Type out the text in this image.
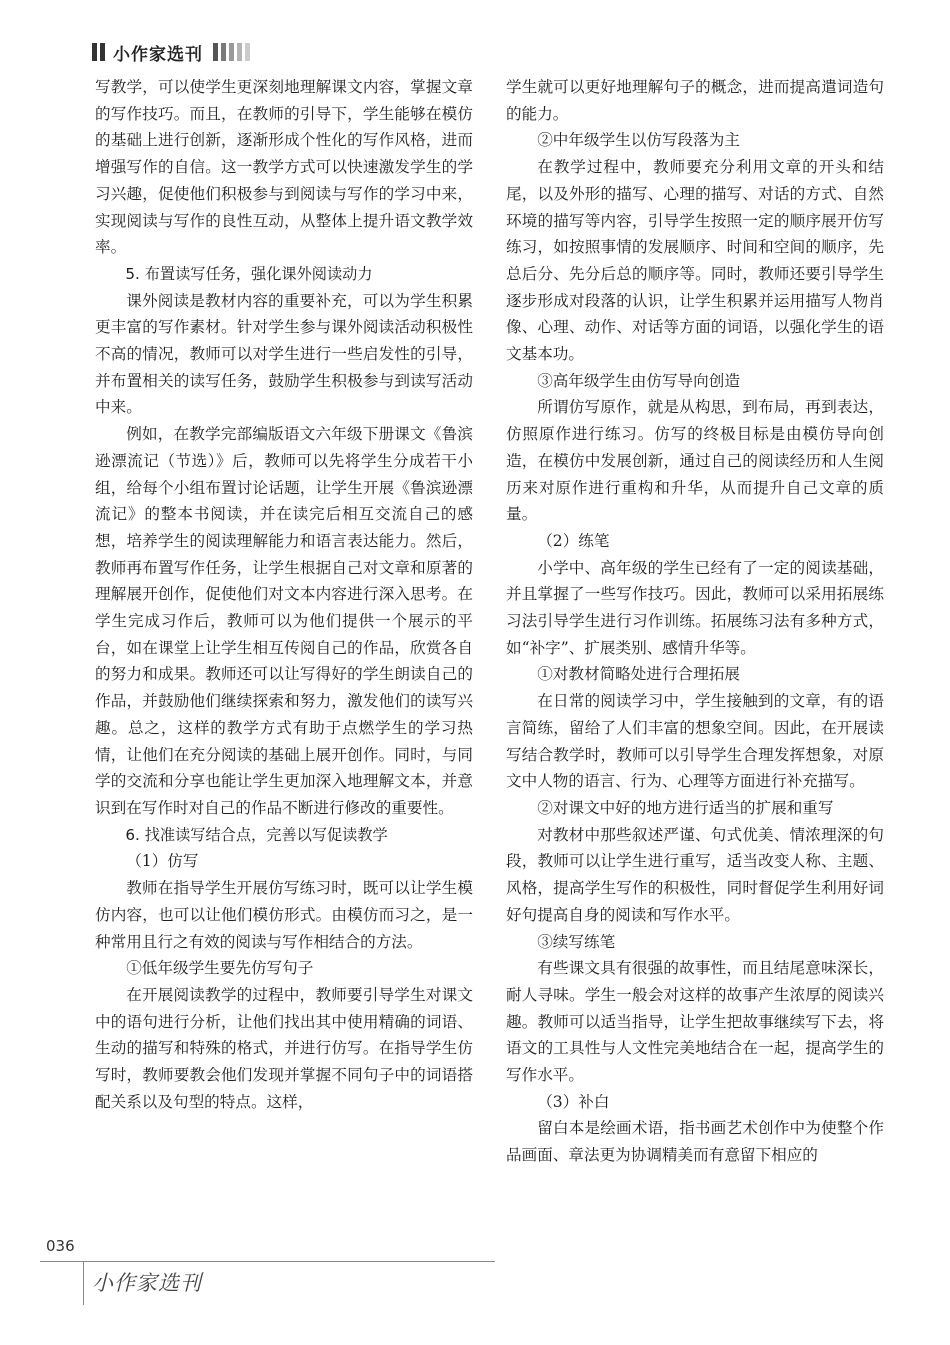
小作家选刊

写教学，可以使学生更深刻地理解课文内容，掌握文章的写作技巧。而且，在教师的引导下，学生能够在模仿的基础上进行创新，逐渐形成个性化的写作风格，进而增强写作的自信。这一教学方式可以快速激发学生的学习兴趣，促使他们积极参与到阅读与写作的学习中来，实现阅读与写作的良性互动，从整体上提升语文教学效率。

5. 布置读写任务，强化课外阅读动力

课外阅读是教材内容的重要补充，可以为学生积累更丰富的写作素材。针对学生参与课外阅读活动积极性不高的情况，教师可以对学生进行一些启发性的引导，并布置相关的读写任务，鼓励学生积极参与到读写活动中来。

例如，在教学完部编版语文六年级下册课文《鲁滨逊漂流记（节选）》后，教师可以先将学生分成若干小组，给每个小组布置讨论话题，让学生开展《鲁滨逊漂流记》的整本书阅读，并在读完后相互交流自己的感想，培养学生的阅读理解能力和语言表达能力。然后，教师再布置写作任务，让学生根据自己对文章和原著的理解展开创作，促使他们对文本内容进行深入思考。在学生完成习作后，教师可以为他们提供一个展示的平台，如在课堂上让学生相互传阅自己的作品，欣赏各自的努力和成果。教师还可以让写得好的学生朗读自己的作品，并鼓励他们继续探索和努力，激发他们的读写兴趣。总之，这样的教学方式有助于点燃学生的学习热情，让他们在充分阅读的基础上展开创作。同时，与同学的交流和分享也能让学生更加深入地理解文本，并意识到在写作时对自己的作品不断进行修改的重要性。

6. 找准读写结合点，完善以写促读教学

（1）仿写

教师在指导学生开展仿写练习时，既可以让学生模仿内容，也可以让他们模仿形式。由模仿而习之，是一种常用且行之有效的阅读与写作相结合的方法。

①低年级学生要先仿写句子

在开展阅读教学的过程中，教师要引导学生对课文中的语句进行分析，让他们找出其中使用精确的词语、生动的描写和特殊的格式，并进行仿写。在指导学生仿写时，教师要教会他们发现并掌握不同句子中的词语搭配关系以及句型的特点。这样，

学生就可以更好地理解句子的概念，进而提高遣词造句的能力。

②中年级学生以仿写段落为主

在教学过程中，教师要充分利用文章的开头和结尾，以及外形的描写、心理的描写、对话的方式、自然环境的描写等内容，引导学生按照一定的顺序展开仿写练习，如按照事情的发展顺序、时间和空间的顺序，先总后分、先分后总的顺序等。同时，教师还要引导学生逐步形成对段落的认识，让学生积累并运用描写人物肖像、心理、动作、对话等方面的词语，以强化学生的语文基本功。

③高年级学生由仿写导向创造

所谓仿写原作，就是从构思，到布局，再到表达，仿照原作进行练习。仿写的终极目标是由模仿导向创造，在模仿中发展创新，通过自己的阅读经历和人生阅历来对原作进行重构和升华，从而提升自己文章的质量。

（2）练笔

小学中、高年级的学生已经有了一定的阅读基础，并且掌握了一些写作技巧。因此，教师可以采用拓展练习法引导学生进行习作训练。拓展练习法有多种方式，如“补字”、扩展类别、感情升华等。

①对教材简略处进行合理拓展

在日常的阅读学习中，学生接触到的文章，有的语言简练，留给了人们丰富的想象空间。因此，在开展读写结合教学时，教师可以引导学生合理发挥想象，对原文中人物的语言、行为、心理等方面进行补充描写。

②对课文中好的地方进行适当的扩展和重写

对教材中那些叙述严谨、句式优美、情浓理深的句段，教师可以让学生进行重写，适当改变人称、主题、风格，提高学生写作的积极性，同时督促学生利用好词好句提高自身的阅读和写作水平。

③续写练笔

有些课文具有很强的故事性，而且结尾意味深长，耐人寻味。学生一般会对这样的故事产生浓厚的阅读兴趣。教师可以适当指导，让学生把故事继续写下去，将语文的工具性与人文性完美地结合在一起，提高学生的写作水平。

（3）补白

留白本是绘画术语，指书画艺术创作中为使整个作品画面、章法更为协调精美而有意留下相应的

036
小作家选刊
